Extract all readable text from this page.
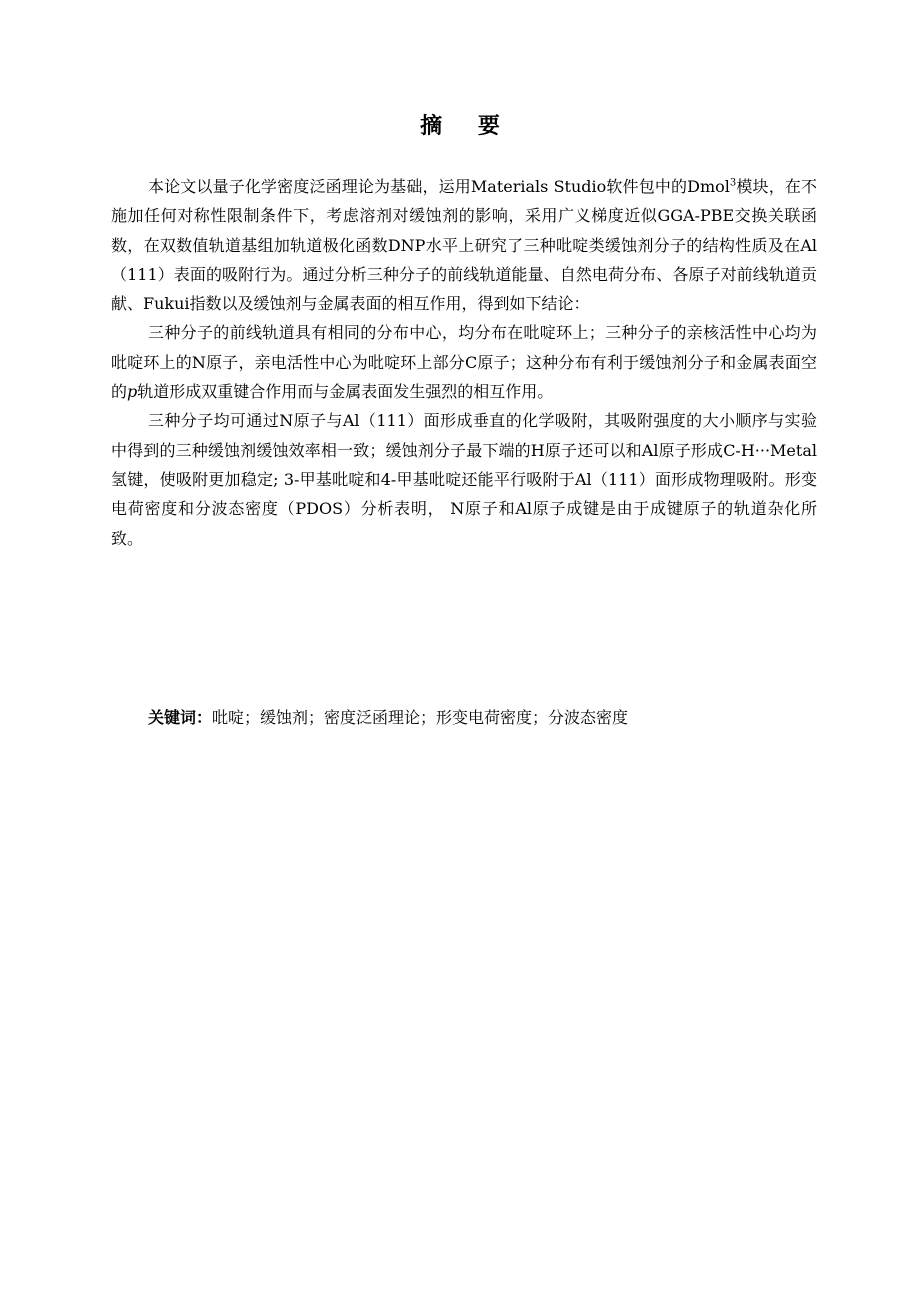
摘 要

本论文以量子化学密度泛函理论为基础，运用Materials Studio软件包中的Dmol$^3$模块，在不施加任何对称性限制条件下，考虑溶剂对缓蚀剂的影响，采用广义梯度近似GGA-PBE交换关联函数，在双数值轨道基组加轨道极化函数DNP水平上研究了三种吡啶类缓蚀剂分子的结构性质及在Al（111）表面的吸附行为。通过分析三种分子的前线轨道能量、自然电荷分布、各原子对前线轨道贡献、Fukui指数以及缓蚀剂与金属表面的相互作用，得到如下结论：

三种分子的前线轨道具有相同的分布中心，均分布在吡啶环上；三种分子的亲核活性中心均为吡啶环上的N原子，亲电活性中心为吡啶环上部分C原子；这种分布有利于缓蚀剂分子和金属表面空的p轨道形成双重键合作用而与金属表面发生强烈的相互作用。

三种分子均可通过N原子与Al（111）面形成垂直的化学吸附，其吸附强度的大小顺序与实验中得到的三种缓蚀剂缓蚀效率相一致；缓蚀剂分子最下端的H原子还可以和Al原子形成C-H···Metal氢键，使吸附更加稳定; 3-甲基吡啶和4-甲基吡啶还能平行吸附于Al（111）面形成物理吸附。形变电荷密度和分波态密度（PDOS）分析表明， N原子和Al原子成键是由于成键原子的轨道杂化所致。

关键词：吡啶；缓蚀剂；密度泛函理论；形变电荷密度；分波态密度
